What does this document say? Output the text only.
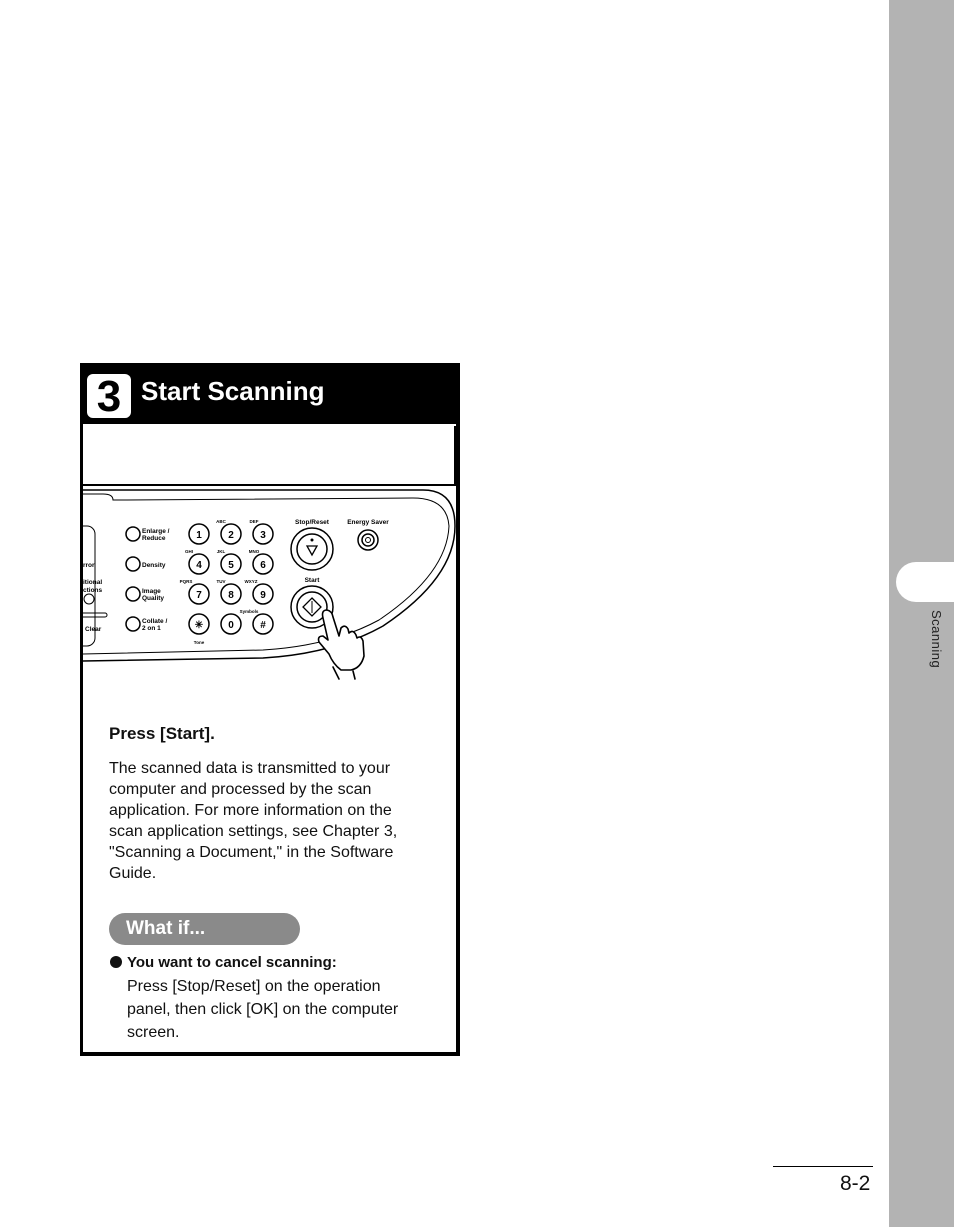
Scanning
3 Start Scanning
rror
itional
ctions
Clear
Enlarge /
Reduce
Density
Image
Quality
Collate /
2 on 1
ABC	DEF
GHI	JKL	MNO
PQRS	TUV	WXYZ
Symbols
Tone
1	2	3
4	5	6
7	8	9
✳	0	#
Stop/Reset	Energy Saver
Start
Press [Start].
The scanned data is transmitted to your computer and processed by the scan application. For more information on the scan application settings, see Chapter 3, "Scanning a Document," in the Software Guide.
What if...
You want to cancel scanning:
Press [Stop/Reset] on the operation panel, then click [OK] on the computer screen.
8-2
